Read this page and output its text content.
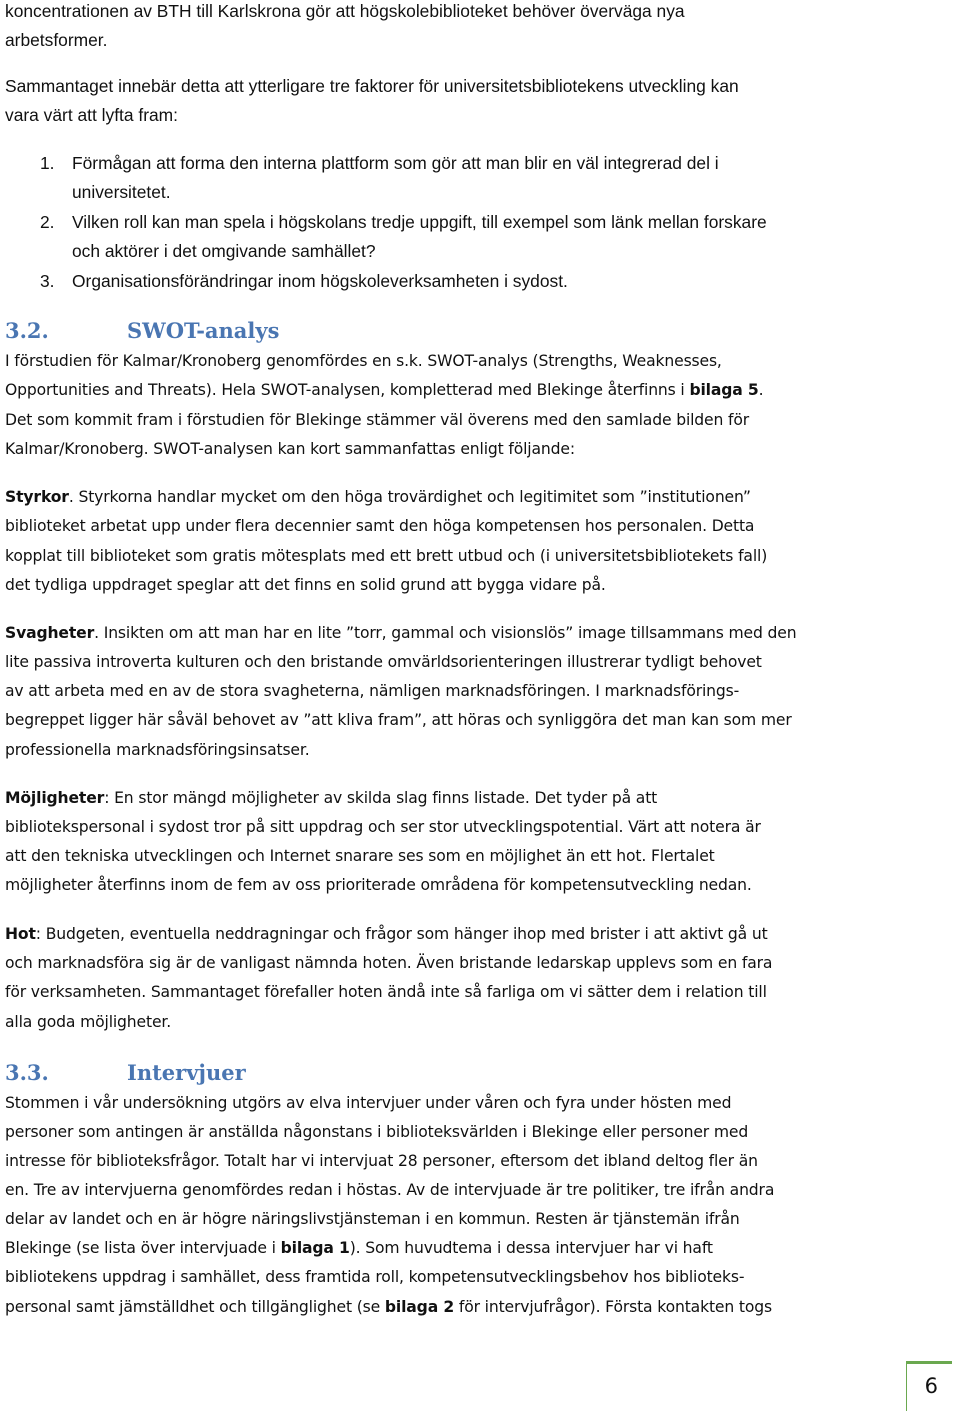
koncentrationen av BTH till Karlskrona gör att högskolebiblioteket behöver överväga nya
arbetsformer.
Sammantaget innebär detta att ytterligare tre faktorer för universitetsbibliotekens utveckling kan
vara värt att lyfta fram:
1. Förmågan att forma den interna plattform som gör att man blir en väl integrerad del i
universitetet.
2. Vilken roll kan man spela i högskolans tredje uppgift, till exempel som länk mellan forskare
och aktörer i det omgivande samhället?
3. Organisationsförändringar inom högskoleverksamheten i sydost.
3.2.	SWOT-analys
I förstudien för Kalmar/Kronoberg genomfördes en s.k. SWOT-analys (Strengths, Weaknesses,
Opportunities and Threats). Hela SWOT-analysen, kompletterad med Blekinge återfinns i bilaga 5.
Det som kommit fram i förstudien för Blekinge stämmer väl överens med den samlade bilden för
Kalmar/Kronoberg. SWOT-analysen kan kort sammanfattas enligt följande:
Styrkor. Styrkorna handlar mycket om den höga trovärdighet och legitimitet som ”institutionen”
biblioteket arbetat upp under flera decennier samt den höga kompetensen hos personalen. Detta
kopplat till biblioteket som gratis mötesplats med ett brett utbud och (i universitetsbibliotekets fall)
det tydliga uppdraget speglar att det finns en solid grund att bygga vidare på.
Svagheter. Insikten om att man har en lite ”torr, gammal och visionslös” image tillsammans med den
lite passiva introverta kulturen och den bristande omvärldsorienteringen illustrerar tydligt behovet
av att arbeta med en av de stora svagheterna, nämligen marknadsföringen. I marknadsförings-
begreppet ligger här såväl behovet av ”att kliva fram”, att höras och synliggöra det man kan som mer
professionella marknadsföringsinsatser.
Möjligheter: En stor mängd möjligheter av skilda slag finns listade. Det tyder på att
bibliotekspersonal i sydost tror på sitt uppdrag och ser stor utvecklingspotential. Värt att notera är
att den tekniska utvecklingen och Internet snarare ses som en möjlighet än ett hot. Flertalet
möjligheter återfinns inom de fem av oss prioriterade områdena för kompetensutveckling nedan.
Hot: Budgeten, eventuella neddragningar och frågor som hänger ihop med brister i att aktivt gå ut
och marknadsföra sig är de vanligast nämnda hoten. Även bristande ledarskap upplevs som en fara
för verksamheten. Sammantaget förefaller hoten ändå inte så farliga om vi sätter dem i relation till
alla goda möjligheter.
3.3.	Intervjuer
Stommen i vår undersökning utgörs av elva intervjuer under våren och fyra under hösten med
personer som antingen är anställda någonstans i biblioteksvärlden i Blekinge eller personer med
intresse för biblioteksfrågor. Totalt har vi intervjuat 28 personer, eftersom det ibland deltog fler än
en. Tre av intervjuerna genomfördes redan i höstas. Av de intervjuade är tre politiker, tre ifrån andra
delar av landet och en är högre näringslivstjänsteman i en kommun. Resten är tjänstemän ifrån
Blekinge (se lista över intervjuade i bilaga 1). Som huvudtema i dessa intervjuer har vi haft
bibliotekens uppdrag i samhället, dess framtida roll, kompetensutvecklingsbehov hos biblioteks-
personal samt jämställdhet och tillgänglighet (se bilaga 2 för intervjufrågor). Första kontakten togs
6
